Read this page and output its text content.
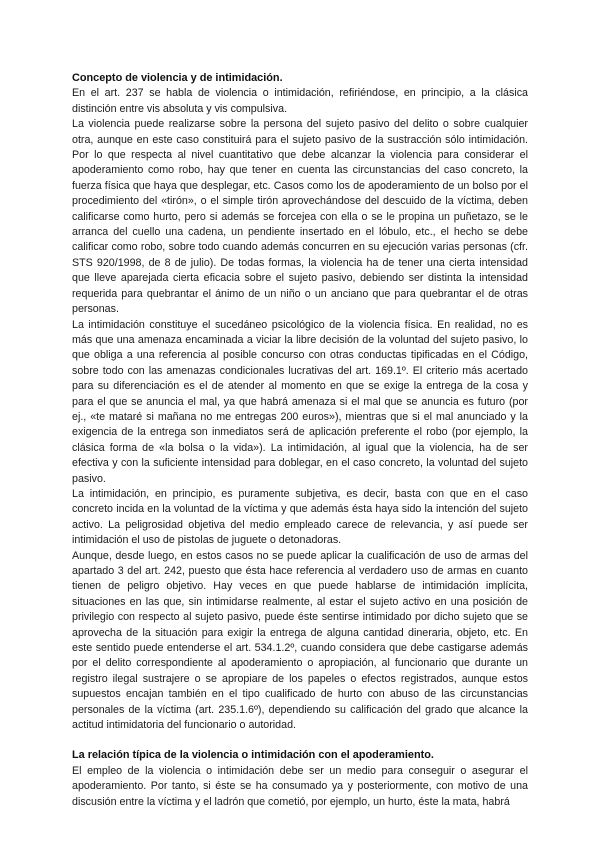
Concepto de violencia y de intimidación.

En el art. 237 se habla de violencia o intimidación, refiriéndose, en principio, a la clásica distinción entre vis absoluta y vis compulsiva.

La violencia puede realizarse sobre la persona del sujeto pasivo del delito o sobre cualquier otra, aunque en este caso constituirá para el sujeto pasivo de la sustracción sólo intimidación. Por lo que respecta al nivel cuantitativo que debe alcanzar la violencia para considerar el apoderamiento como robo, hay que tener en cuenta las circunstancias del caso concreto, la fuerza física que haya que desplegar, etc. Casos como los de apoderamiento de un bolso por el procedimiento del «tirón», o el simple tirón aprovechándose del descuido de la víctima, deben calificarse como hurto, pero si además se forcejea con ella o se le propina un puñetazo, se le arranca del cuello una cadena, un pendiente insertado en el lóbulo, etc., el hecho se debe calificar como robo, sobre todo cuando además concurren en su ejecución varias personas (cfr. STS 920/1998, de 8 de julio). De todas formas, la violencia ha de tener una cierta intensidad que lleve aparejada cierta eficacia sobre el sujeto pasivo, debiendo ser distinta la intensidad requerida para quebrantar el ánimo de un niño o un anciano que para quebrantar el de otras personas.

La intimidación constituye el sucedáneo psicológico de la violencia física. En realidad, no es más que una amenaza encaminada a viciar la libre decisión de la voluntad del sujeto pasivo, lo que obliga a una referencia al posible concurso con otras conductas tipificadas en el Código, sobre todo con las amenazas condicionales lucrativas del art. 169.1º. El criterio más acertado para su diferenciación es el de atender al momento en que se exige la entrega de la cosa y para el que se anuncia el mal, ya que habrá amenaza si el mal que se anuncia es futuro (por ej., «te mataré si mañana no me entregas 200 euros»), mientras que si el mal anunciado y la exigencia de la entrega son inmediatos será de aplicación preferente el robo (por ejemplo, la clásica forma de «la bolsa o la vida»). La intimidación, al igual que la violencia, ha de ser efectiva y con la suficiente intensidad para doblegar, en el caso concreto, la voluntad del sujeto pasivo.

La intimidación, en principio, es puramente subjetiva, es decir, basta con que en el caso concreto incida en la voluntad de la víctima y que además ésta haya sido la intención del sujeto activo. La peligrosidad objetiva del medio empleado carece de relevancia, y así puede ser intimidación el uso de pistolas de juguete o detonadoras.

Aunque, desde luego, en estos casos no se puede aplicar la cualificación de uso de armas del apartado 3 del art. 242, puesto que ésta hace referencia al verdadero uso de armas en cuanto tienen de peligro objetivo. Hay veces en que puede hablarse de intimidación implícita, situaciones en las que, sin intimidarse realmente, al estar el sujeto activo en una posición de privilegio con respecto al sujeto pasivo, puede éste sentirse intimidado por dicho sujeto que se aprovecha de la situación para exigir la entrega de alguna cantidad dineraria, objeto, etc. En este sentido puede entenderse el art. 534.1.2º, cuando considera que debe castigarse además por el delito correspondiente al apoderamiento o apropiación, al funcionario que durante un registro ilegal sustrajere o se apropiare de los papeles o efectos registrados, aunque estos supuestos encajan también en el tipo cualificado de hurto con abuso de las circunstancias personales de la víctima (art. 235.1.6º), dependiendo su calificación del grado que alcance la actitud intimidatoria del funcionario o autoridad.

La relación típica de la violencia o intimidación con el apoderamiento.

El empleo de la violencia o intimidación debe ser un medio para conseguir o asegurar el apoderamiento. Por tanto, si éste se ha consumado ya y posteriormente, con motivo de una discusión entre la víctima y el ladrón que cometió, por ejemplo, un hurto, éste la mata, habrá
